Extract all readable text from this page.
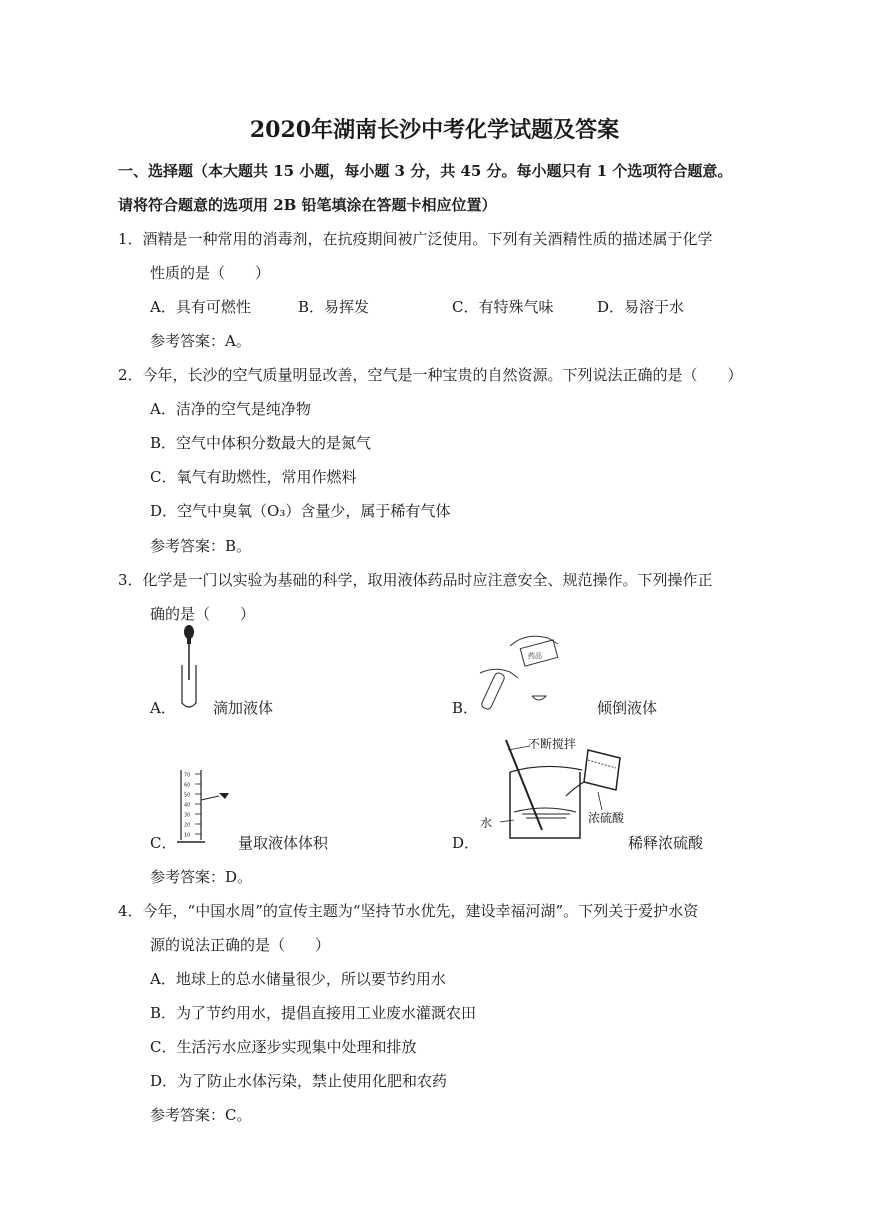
2020年湖南长沙中考化学试题及答案
一、选择题（本大题共 15 小题，每小题 3 分，共 45 分。每小题只有 1 个选项符合题意。
请将符合题意的选项用 2B 铅笔填涂在答题卡相应位置）
1．酒精是一种常用的消毒剂，在抗疫期间被广泛使用。下列有关酒精性质的描述属于化学
性质的是（　　）
A．具有可燃性	B．易挥发	C．有特殊气味	D．易溶于水
参考答案：A。
2．今年，长沙的空气质量明显改善，空气是一种宝贵的自然资源。下列说法正确的是（　　）
A．洁净的空气是纯净物
B．空气中体积分数最大的是氮气
C．氧气有助燃性，常用作燃料
D．空气中臭氧（O₃）含量少，属于稀有气体
参考答案：B。
3．化学是一门以实验为基础的科学，取用液体药品时应注意安全、规范操作。下列操作正
确的是（　　）
A． 滴加液体
药品
B．	倾倒液体
70
60
50
40
30
20
10
C．	量取液体体积
不断搅拌
水	浓硫酸
D．	稀释浓硫酸
参考答案：D。
4．今年，“中国水周”的宣传主题为“坚持节水优先，建设幸福河湖”。下列关于爱护水资
源的说法正确的是（　　）
A．地球上的总水储量很少，所以要节约用水
B．为了节约用水，提倡直接用工业废水灌溉农田
C．生活污水应逐步实现集中处理和排放
D．为了防止水体污染，禁止使用化肥和农药
参考答案：C。
